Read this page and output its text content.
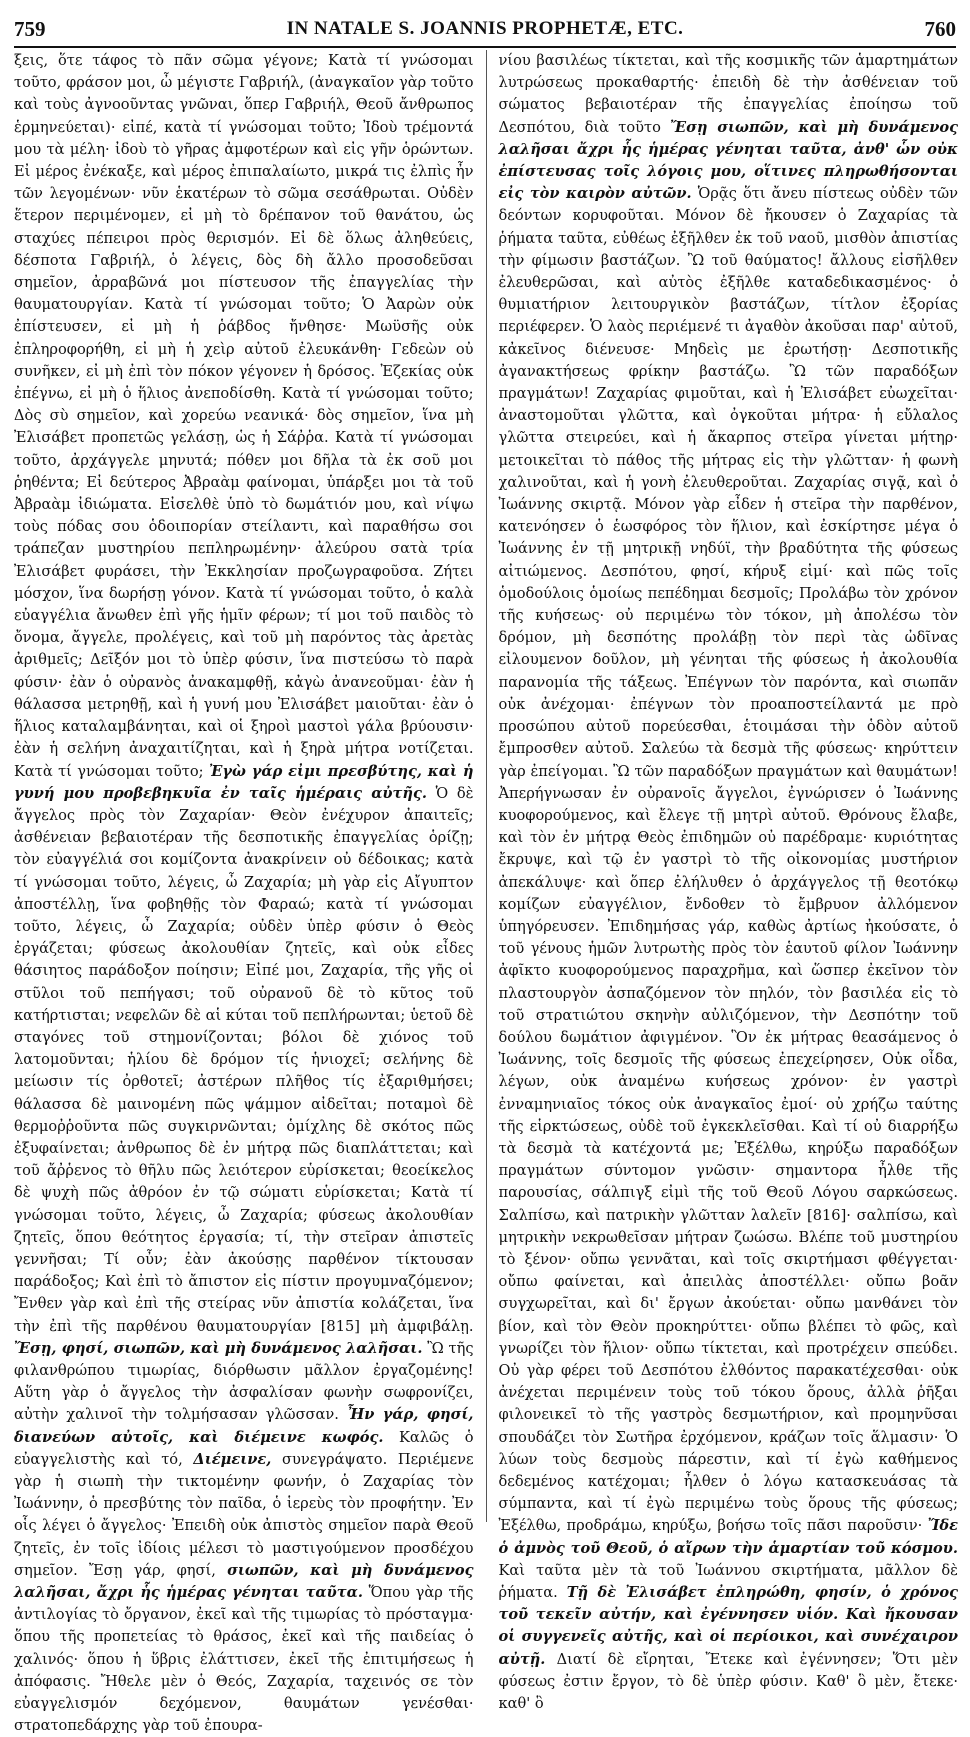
759	IN NATALE S. JOANNIS PROPHETÆ, ETC.	760

ξεις, ὅτε τάφος τὸ πᾶν σῶμα γέγονε; Κατὰ τί γνώσομαι τοῦτο, φράσον μοι, ὦ μέγιστε Γαβριήλ, (ἀναγκαῖον γὰρ τοῦτο καὶ τοὺς ἀγνοοῦντας γνῶναι, ὅπερ Γαβριήλ, Θεοῦ ἄνθρωπος ἑρμηνεύεται)· εἰπέ, κατὰ τί γνώσομαι τοῦτο; Ἰδοὺ τρέμοντά μου τὰ μέλη· ἰδοὺ τὸ γῆρας ἀμφοτέρων καὶ εἰς γῆν ὁρώντων. Εἰ μέρος ἐνέκαξε, καὶ μέρος ἐπιπαλαίωτο, μικρά τις ἐλπὶς ἦν τῶν λεγομένων· νῦν ἑκατέρων τὸ σῶμα σεσάθρωται. Οὐδὲν ἕτερον περιμένομεν, εἰ μὴ τὸ δρέπανον τοῦ θανάτου, ὡς σταχύες πέπειροι πρὸς θερισμόν. Εἰ δὲ ὅλως ἀληθεύεις, δέσποτα Γαβριήλ, ὁ λέγεις, δὸς δὴ ἄλλο προσοδεῦσαι σημεῖον, ἀρραβῶνά μοι πίστευσον τῆς ἐπαγγελίας τὴν θαυματουργίαν. Κατὰ τί γνώσομαι τοῦτο; Ὁ Ἀαρὼν οὐκ ἐπίστευσεν, εἰ μὴ ἡ ῥάβδος ἤνθησε· Μωϋσῆς οὐκ ἐπληροφορήθη, εἰ μὴ ἡ χεὶρ αὐτοῦ ἐλευκάνθη· Γεδεὼν οὐ συνῆκεν, εἰ μὴ ἐπὶ τὸν πόκον γέγονεν ἡ δρόσος. Ἐζεκίας οὐκ ἐπέγνω, εἰ μὴ ὁ ἥλιος ἀνεποδίσθη. Κατὰ τί γνώσομαι τοῦτο; Δὸς σὺ σημεῖον, καὶ χορεύω νεανικά· δὸς σημεῖον, ἵνα μὴ Ἐλισάβετ προπετῶς γελάσῃ, ὡς ἡ Σάῤῥα. Κατὰ τί γνώσομαι τοῦτο, ἀρχάγγελε μηνυτά; πόθεν μοι δῆλα τὰ ἐκ σοῦ μοι ῥηθέντα; Εἰ δεύτερος Ἀβραὰμ φαίνομαι, ὑπάρξει μοι τὰ τοῦ Ἀβραὰμ ἰδιώματα. Εἰσελθὲ ὑπὸ τὸ δωμάτιόν μου, καὶ νίψω τοὺς πόδας σου ὁδοιπορίαν στείλαντι, καὶ παραθήσω σοι τράπεζαν μυστηρίου πεπληρωμένην· ἀλεύρου σατὰ τρία Ἐλισάβετ φυράσει, τὴν Ἐκκλησίαν προζωγραφοῦσα. Ζήτει μόσχον, ἵνα δωρήσῃ γόνον. Κατὰ τί γνώσομαι τοῦτο, ὁ καλὰ εὐαγγέλια ἄνωθεν ἐπὶ γῆς ἡμῖν φέρων; τί μοι τοῦ παιδὸς τὸ ὄνομα, ἄγγελε, προλέγεις, καὶ τοῦ μὴ παρόντος τὰς ἀρετὰς ἀριθμεῖς; Δεῖξόν μοι τὸ ὑπὲρ φύσιν, ἵνα πιστεύσω τὸ παρὰ φύσιν· ἐὰν ὁ οὐρανὸς ἀνακαμφθῇ, κἀγὼ ἀνανεοῦμαι· ἐὰν ἡ θάλασσα μετρηθῇ, καὶ ἡ γυνή μου Ἐλισάβετ μαιοῦται· ἐὰν ὁ ἥλιος καταλαμβάνηται, καὶ οἱ ξηροὶ μαστοὶ γάλα βρύουσιν· ἐὰν ἡ σελήνη ἀναχαιτίζηται, καὶ ἡ ξηρὰ μήτρα νοτίζεται. Κατὰ τί γνώσομαι τοῦτο; Ἐγὼ γάρ εἰμι πρεσβύτης, καὶ ἡ γυνή μου προβεβηκυῖα ἐν ταῖς ἡμέραις αὐτῆς. Ὁ δὲ ἄγγελος πρὸς τὸν Ζαχαρίαν· Θεὸν ἐνέχυρον ἀπαιτεῖς; ἀσθένειαν βεβαιοτέραν τῆς δεσποτικῆς ἐπαγγελίας ὁρίζῃ; τὸν εὐαγγέλιά σοι κομίζοντα ἀνακρίνειν οὐ δέδοικας; κατὰ τί γνώσομαι τοῦτο, λέγεις, ὦ Ζαχαρία; μὴ γὰρ εἰς Αἴγυπτον ἀποστέλλῃ, ἵνα φοβηθῇς τὸν Φαραώ; κατὰ τί γνώσομαι τοῦτο, λέγεις, ὦ Ζαχαρία; οὐδὲν ὑπὲρ φύσιν ὁ Θεὸς ἐργάζεται; φύσεως ἀκολουθίαν ζητεῖς, καὶ οὐκ εἶδες θάσιητος παράδοξον ποίησιν; Εἰπέ μοι, Ζαχαρία, τῆς γῆς οἱ στῦλοι τοῦ πεπήγασι; τοῦ οὐρανοῦ δὲ τὸ κῦτος τοῦ κατήρτισται; νεφελῶν δὲ αἱ κύται τοῦ πεπλήρωνται; ὑετοῦ δὲ σταγόνες τοῦ στημονίζονται; βόλοι δὲ χιόνος τοῦ λατομοῦνται; ἡλίου δὲ δρόμον τίς ἡνιοχεῖ; σελήνης δὲ μείωσιν τίς ὀρθοτεῖ; ἀστέρων πλῆθος τίς ἐξαριθμήσει; θάλασσα δὲ μαινομένη πῶς ψάμμον αἰδεῖται; ποταμοὶ δὲ θερμοῤῥοῦντα πῶς συγκιρνῶνται; ὁμίχλης δὲ σκότος πῶς ἐξυφαίνεται; ἀνθρωπος δὲ ἐν μήτρᾳ πῶς διαπλάττεται; καὶ τοῦ ἄῤῥενος τὸ θῆλυ πῶς λειότερον εὑρίσκεται; θεοείκελος δὲ ψυχὴ πῶς ἀθρόον ἐν τῷ σώματι εὑρίσκεται; Κατὰ τί γνώσομαι τοῦτο, λέγεις, ὦ Ζαχαρία; φύσεως ἀκολουθίαν ζητεῖς, ὅπου θεότητος ἐργασία; τί, τὴν στεῖραν ἀπιστεῖς γεννῆσαι; Τί οὖν; ἐὰν ἀκούσῃς παρθένον τίκτουσαν παράδοξος; Καὶ ἐπὶ τὸ ἄπιστον εἰς πίστιν προγυμναζόμενον; Ἔνθεν γὰρ καὶ ἐπὶ τῆς στείρας νῦν ἀπιστία κολάζεται, ἵνα τὴν ἐπὶ τῆς παρθένου θαυματουργίαν [815] μὴ ἀμφιβάλῃ. Ἔσῃ, φησί, σιωπῶν, καὶ μὴ δυνάμενος λαλῆσαι. Ὢ τῆς φιλανθρώπου τιμωρίας, διόρθωσιν μᾶλλον ἐργαζομένης! Αὕτη γὰρ ὁ ἄγγελος τὴν ἀσφαλίσαν φωνὴν σωφρονίζει, αὐτὴν χαλινοῖ τὴν τολμήσασαν γλῶσσαν. Ἦν γάρ, φησί, διανεύων αὐτοῖς, καὶ διέμεινε κωφός. Καλῶς ὁ εὐαγγελιστὴς καὶ τό, Διέμεινε, συνεγράψατο. Περιέμενε γὰρ ἡ σιωπὴ τὴν τικτομένην φωνήν, ὁ Ζαχαρίας τὸν Ἰωάννην, ὁ πρεσβύτης τὸν παῖδα, ὁ ἱερεὺς τὸν προφήτην. Ἐν οἷς λέγει ὁ ἄγγελος· Ἐπειδὴ οὐκ ἀπιστὸς σημεῖον παρὰ Θεοῦ ζητεῖς, ἐν τοῖς ἰδίοις μέλεσι τὸ μαστιγούμενον προσδέχου σημεῖον. Ἔσῃ γάρ, φησί, σιωπῶν, καὶ μὴ δυνάμενος λαλῆσαι, ἄχρι ἧς ἡμέρας γένηται ταῦτα. Ὅπου γὰρ τῆς ἀντιλογίας τὸ ὄργανον, ἐκεῖ καὶ τῆς τιμωρίας τὸ πρόσταγμα· ὅπου τῆς προπετείας τὸ θράσος, ἐκεῖ καὶ τῆς παιδείας ὁ χαλινός· ὅπου ἡ ὕβρις ἐλάττισεν, ἐκεῖ τῆς ἐπιτιμήσεως ἡ ἀπόφασις. Ἤθελε μὲν ὁ Θεός, Ζαχαρία, ταχεινός σε τὸν εὐαγγελισμόν δεχόμενον, θαυμάτων γενέσθαι· στρατοπεδάρχης γὰρ τοῦ ἐπουρα-

νίου βασιλέως τίκτεται, καὶ τῆς κοσμικῆς τῶν ἁμαρτημάτων λυτρώσεως προκαθαρτής· ἐπειδὴ δὲ τὴν ἀσθένειαν τοῦ σώματος βεβαιοτέραν τῆς ἐπαγγελίας ἐποίησω τοῦ Δεσπότου, διὰ τοῦτο Ἔσῃ σιωπῶν, καὶ μὴ δυνάμενος λαλῆσαι ἄχρι ἧς ἡμέρας γένηται ταῦτα, ἀνθ' ὧν οὐκ ἐπίστευσας τοῖς λόγοις μου, οἵτινες πληρωθήσονται εἰς τὸν καιρὸν αὐτῶν. Ὁρᾷς ὅτι ἄνευ πίστεως οὐδὲν τῶν δεόντων κορυφοῦται. Μόνον δὲ ἤκουσεν ὁ Ζαχαρίας τὰ ῥήματα ταῦτα, εὐθέως ἐξῆλθεν ἐκ τοῦ ναοῦ, μισθὸν ἀπιστίας τὴν φίμωσιν βαστάζων. Ὢ τοῦ θαύματος! ἄλλους εἰσῆλθεν ἐλευθερῶσαι, καὶ αὐτὸς ἐξῆλθε καταδεδικασμένος· ὁ θυμιατήριον λειτουργικὸν βαστάζων, τίτλον ἐξορίας περιέφερεν. Ὁ λαὸς περιέμενέ τι ἀγαθὸν ἀκοῦσαι παρ' αὐτοῦ, κἀκεῖνος διένευσε· Μηδεὶς με ἐρωτήσῃ· Δεσποτικῆς ἀγανακτήσεως φρίκην βαστάζω. Ὢ τῶν παραδόξων πραγμάτων! Ζαχαρίας φιμοῦται, καὶ ἡ Ἐλισάβετ εὐωχεῖται· ἀναστομοῦται γλῶττα, καὶ ὀγκοῦται μήτρα· ἡ εὔλαλος γλῶττα στειρεύει, καὶ ἡ ἄκαρπος στεῖρα γίνεται μήτηρ· μετοικεῖται τὸ πάθος τῆς μήτρας εἰς τὴν γλῶτταν· ἡ φωνὴ χαλινοῦται, καὶ ἡ γονὴ ἐλευθεροῦται. Ζαχαρίας σιγᾷ, καὶ ὁ Ἰωάννης σκιρτᾷ. Μόνον γὰρ εἶδεν ἡ στεῖρα τὴν παρθένον, κατενόησεν ὁ ἑωσφόρος τὸν ἥλιον, καὶ ἐσκίρτησε μέγα ὁ Ἰωάννης ἐν τῇ μητρικῇ νηδύϊ, τὴν βραδύτητα τῆς φύσεως αἰτιώμενος. Δεσπότου, φησί, κήρυξ εἰμί· καὶ πῶς τοῖς ὁμοδούλοις ὁμοίως πεπέδημαι δεσμοῖς; Προλάβω τὸν χρόνον τῆς κυήσεως· οὐ περιμένω τὸν τόκον, μὴ ἀπολέσω τὸν δρόμον, μὴ δεσπότης προλάβῃ τὸν περὶ τὰς ὠδῖνας εἰλουμενον δοῦλον, μὴ γένηται τῆς φύσεως ἡ ἀκολουθία παρανομία τῆς τάξεως. Ἐπέγνων τὸν παρόντα, καὶ σιωπᾶν οὐκ ἀνέχομαι· ἐπέγνων τὸν προαποστείλαντά με πρὸ προσώπου αὐτοῦ πορεύεσθαι, ἑτοιμάσαι τὴν ὁδὸν αὐτοῦ ἔμπροσθεν αὐτοῦ. Σαλεύω τὰ δεσμὰ τῆς φύσεως· κηρύττειν γὰρ ἐπείγομαι. Ὢ τῶν παραδόξων πραγμάτων καὶ θαυμάτων! Ἀπερήγνωσαν ἐν οὐρανοῖς ἄγγελοι, ἐγνώρισεν ὁ Ἰωάννης κυοφορούμενος, καὶ ἔλεγε τῇ μητρὶ αὐτοῦ. Θρόνους ἔλαβε, καὶ τὸν ἐν μήτρᾳ Θεὸς ἐπιδημῶν οὐ παρέδραμε· κυριότητας ἔκρυψε, καὶ τῷ ἐν γαστρὶ τὸ τῆς οἰκονομίας μυστήριον ἀπεκάλυψε· καὶ ὅπερ ἐλήλυθεν ὁ ἀρχάγγελος τῇ θεοτόκῳ κομίζων εὐαγγέλιον, ἔνδοθεν τὸ ἔμβρυον ἀλλόμενον ὑπηγόρευσεν. Ἐπιδημήσας γάρ, καθὼς ἀρτίως ἠκούσατε, ὁ τοῦ γένους ἡμῶν λυτρωτὴς πρὸς τὸν ἑαυτοῦ φίλον Ἰωάννην ἀφῖκτο κυοφορούμενος παραχρῆμα, καὶ ὥσπερ ἐκεῖνον τὸν πλαστουργὸν ἀσπαζόμενον τὸν πηλόν, τὸν βασιλέα εἰς τὸ τοῦ στρατιώτου σκηνὴν αὐλιζόμενον, τὴν Δεσπότην τοῦ δούλου δωμάτιον ἀφιγμένον. Ὃν ἐκ μήτρας θεασάμενος ὁ Ἰωάννης, τοῖς δεσμοῖς τῆς φύσεως ἐπεχείρησεν, Οὐκ οἶδα, λέγων, οὐκ ἀναμένω κυήσεως χρόνον· ἐν γαστρὶ ἐνναμηνιαῖος τόκος οὐκ ἀναγκαῖος ἐμοί· οὐ χρήζω ταύτης τῆς εἱρκτώσεως, οὐδὲ τοῦ ἐγκεκλεῖσθαι. Καὶ τί οὐ διαρρήξω τὰ δεσμὰ τὰ κατέχοντά με; Ἐξέλθω, κηρύξω παραδόξων πραγμάτων σύντομον γνῶσιν· σημαντορα ἦλθε τῆς παρουσίας, σάλπιγξ εἰμὶ τῆς τοῦ Θεοῦ Λόγου σαρκώσεως. Σαλπίσω, καὶ πατρικὴν γλῶτταν λαλεῖν [816]· σαλπίσω, καὶ μητρικὴν νεκρωθεῖσαν μήτραν ζωώσω. Βλέπε τοῦ μυστηρίου τὸ ξένον· οὔπω γεννᾶται, καὶ τοῖς σκιρτήμασι φθέγγεται· οὔπω φαίνεται, καὶ ἀπειλὰς ἀποστέλλει· οὔπω βοᾶν συγχωρεῖται, καὶ δι' ἔργων ἀκούεται· οὔπω μανθάνει τὸν βίον, καὶ τὸν Θεὸν προκηρύττει· οὔπω βλέπει τὸ φῶς, καὶ γνωρίζει τὸν ἥλιον· οὔπω τίκτεται, καὶ προτρέχειν σπεύδει. Οὐ γὰρ φέρει τοῦ Δεσπότου ἐλθόντος παρακατέχεσθαι· οὐκ ἀνέχεται περιμένειν τοὺς τοῦ τόκου ὅρους, ἀλλὰ ῥῆξαι φιλονεικεῖ τὸ τῆς γαστρὸς δεσμωτήριον, καὶ προμηνῦσαι σπουδάζει τὸν Σωτῆρα ἐρχόμενον, κράζων τοῖς ἅλμασιν· Ὁ λύων τοὺς δεσμοὺς πάρεστιν, καὶ τί ἐγὼ καθήμενος δεδεμένος κατέχομαι; ἦλθεν ὁ λόγω κατασκευάσας τὰ σύμπαντα, καὶ τί ἐγὼ περιμένω τοὺς ὅρους τῆς φύσεως; Ἐξέλθω, προδράμω, κηρύξω, βοήσω τοῖς πᾶσι παροῦσιν· Ἴδε ὁ ἀμνὸς τοῦ Θεοῦ, ὁ αἴρων τὴν ἁμαρτίαν τοῦ κόσμου. Καὶ ταῦτα μὲν τὰ τοῦ Ἰωάννου σκιρτήματα, μᾶλλον δὲ ῥήματα. Τῇ δὲ Ἐλισάβετ ἐπληρώθη, φησίν, ὁ χρόνος τοῦ τεκεῖν αὐτήν, καὶ ἐγέννησεν υἱόν. Καὶ ἤκουσαν οἱ συγγενεῖς αὐτῆς, καὶ οἱ περίοικοι, καὶ συνέχαιρον αὐτῇ. Διατί δὲ εἴρηται, Ἔτεκε καὶ ἐγέννησεν; Ὅτι μὲν φύσεως ἐστιν ἔργον, τὸ δὲ ὑπὲρ φύσιν. Καθ' ὃ μὲν, ἔτεκε· καθ' ὃ
